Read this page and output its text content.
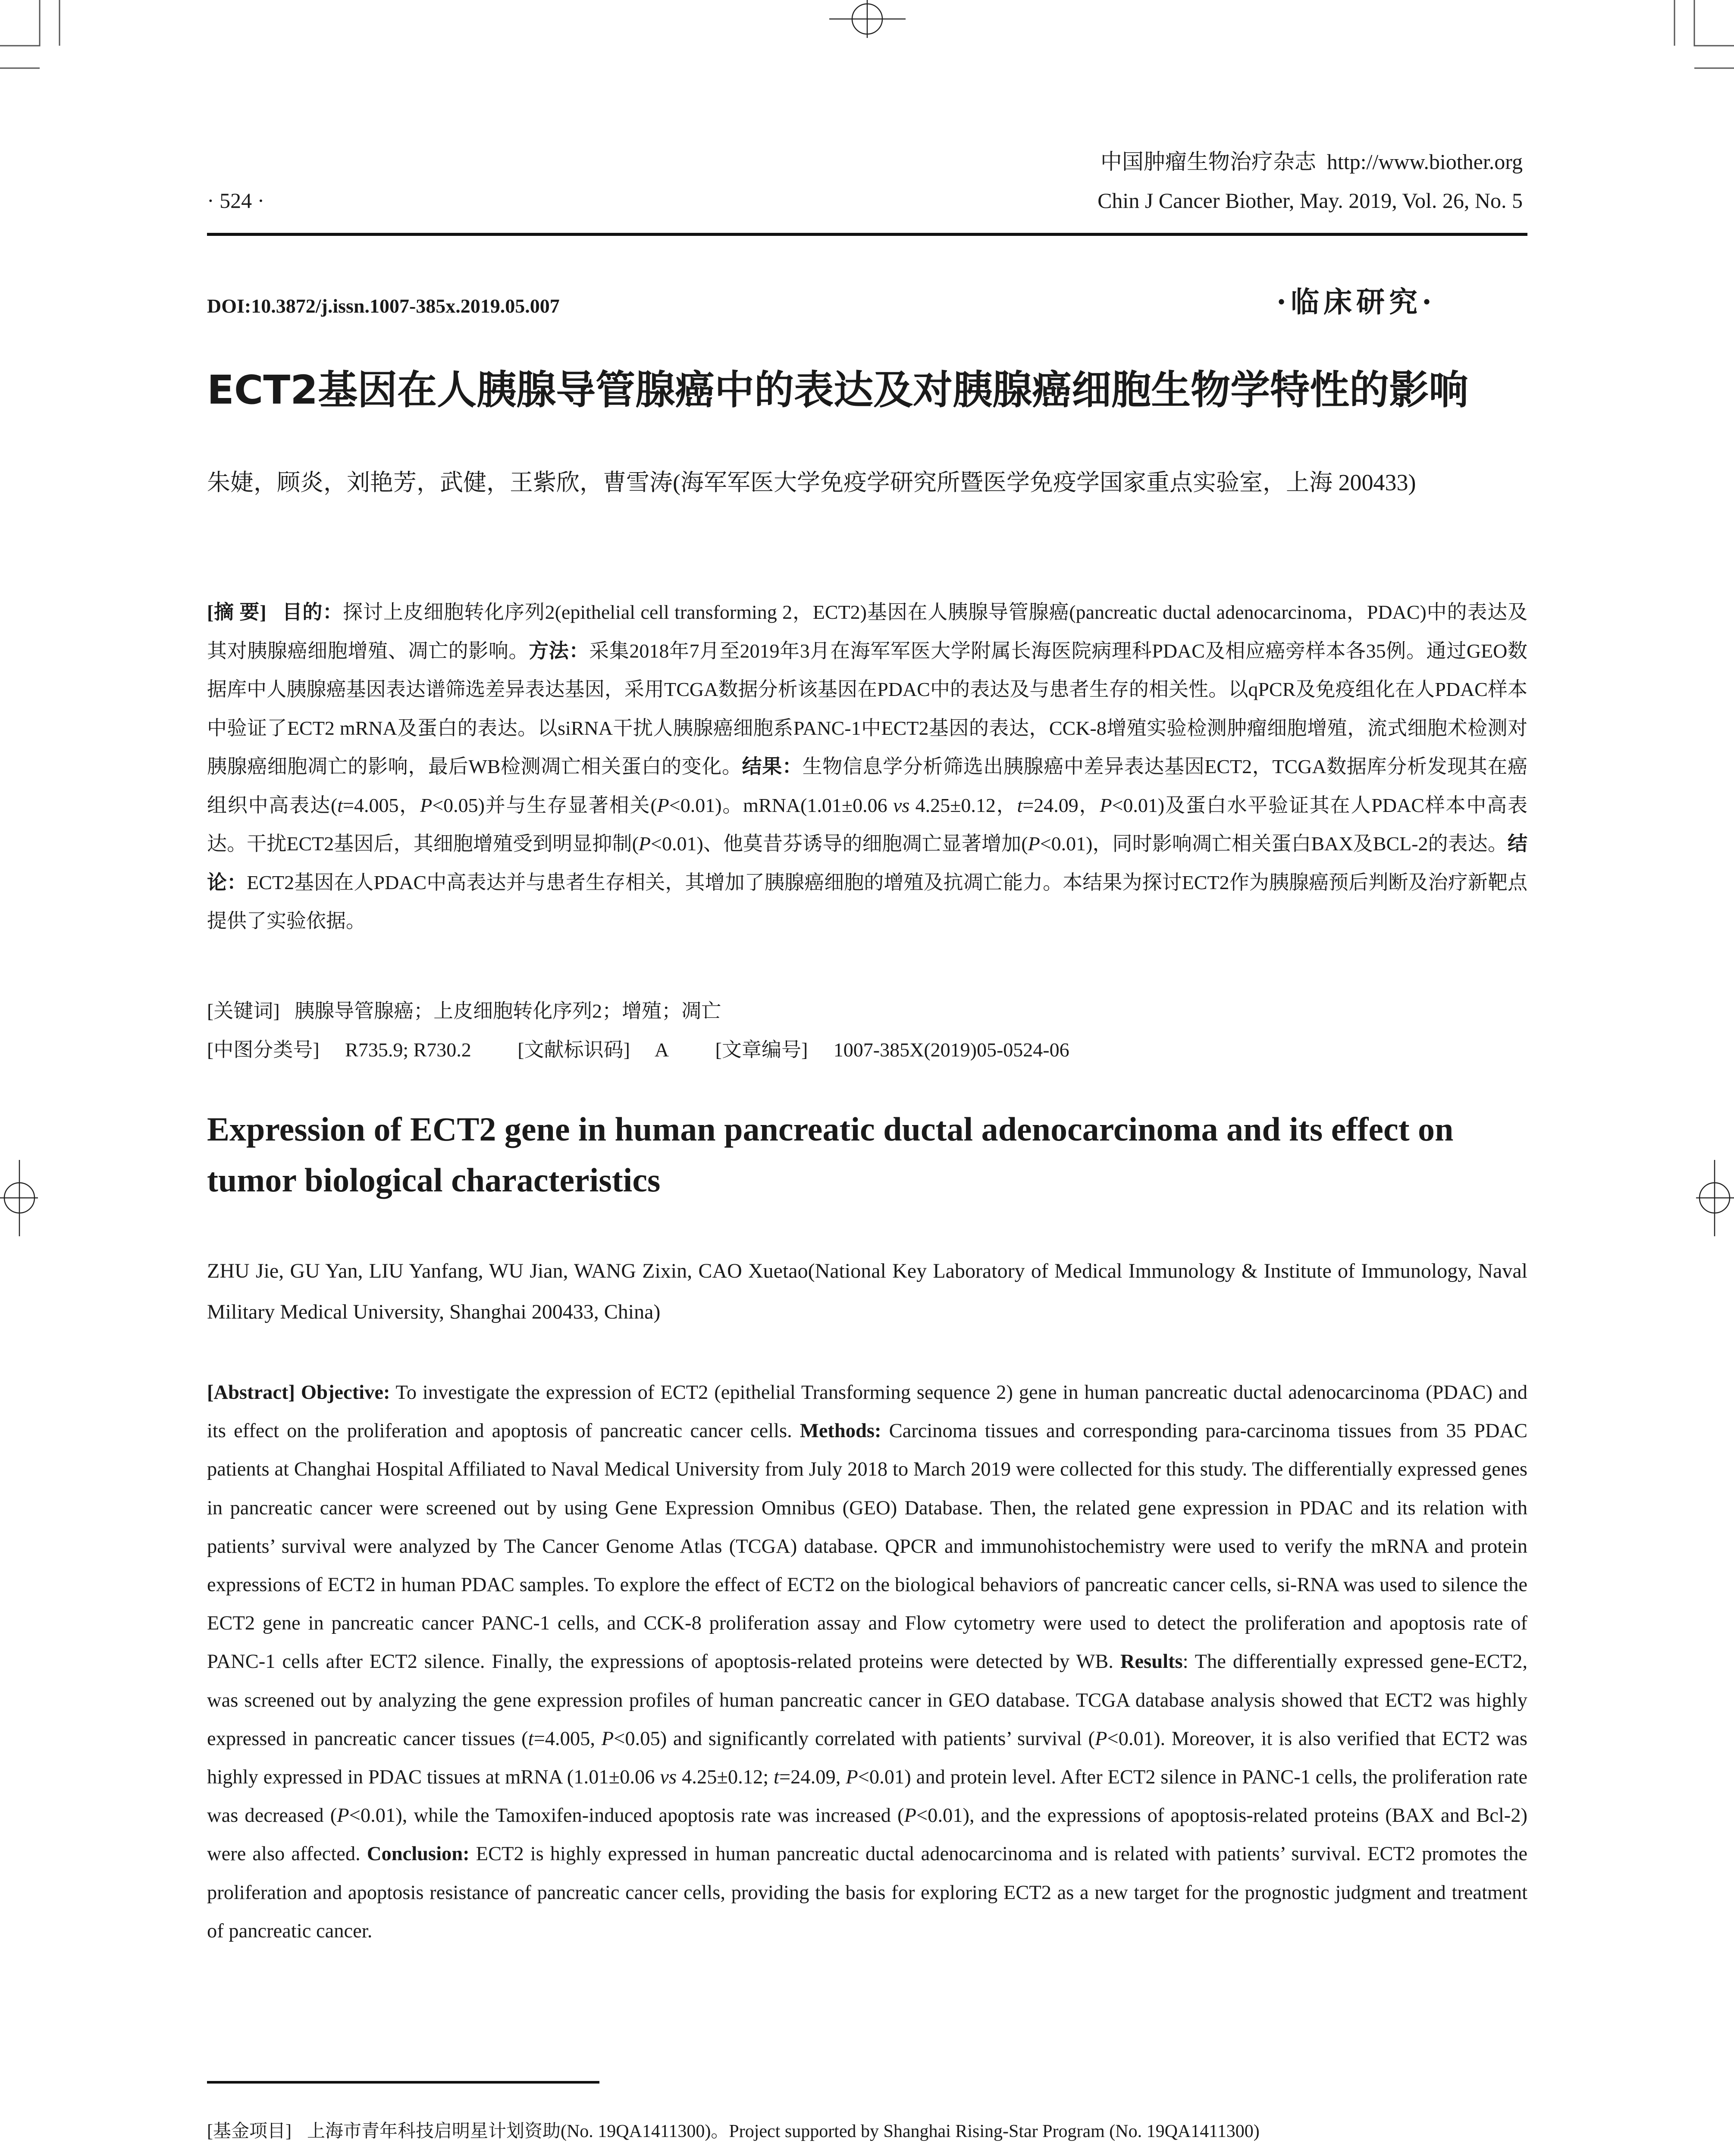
中国肿瘤生物治疗杂志 http://www.biother.org
· 524 ·	Chin J Cancer Biother, May. 2019, Vol. 26, No. 5
DOI:10.3872/j.issn.1007-385x.2019.05.007	·临床研究·
ECT2基因在人胰腺导管腺癌中的表达及对胰腺癌细胞生物学特性的影响
朱婕，顾炎，刘艳芳，武健，王紫欣，曹雪涛(海军军医大学免疫学研究所暨医学免疫学国家重点实验室，上海 200433)
[摘 要] 目的：探讨上皮细胞转化序列2(epithelial cell transforming 2，ECT2)基因在人胰腺导管腺癌(pancreatic ductal adenocarcinoma，PDAC)中的表达及其对胰腺癌细胞增殖、凋亡的影响。方法：采集2018年7月至2019年3月在海军军医大学附属长海医院病理科PDAC及相应癌旁样本各35例。通过GEO数据库中人胰腺癌基因表达谱筛选差异表达基因，采用TCGA数据分析该基因在PDAC中的表达及与患者生存的相关性。以qPCR及免疫组化在人PDAC样本中验证了ECT2 mRNA及蛋白的表达。以siRNA干扰人胰腺癌细胞系PANC-1中ECT2基因的表达，CCK-8增殖实验检测肿瘤细胞增殖，流式细胞术检测对胰腺癌细胞凋亡的影响，最后WB检测凋亡相关蛋白的变化。结果：生物信息学分析筛选出胰腺癌中差异表达基因ECT2，TCGA数据库分析发现其在癌组织中高表达(t=4.005，P<0.05)并与生存显著相关(P<0.01)。mRNA(1.01±0.06 vs 4.25±0.12，t=24.09，P<0.01)及蛋白水平验证其在人PDAC样本中高表达。干扰ECT2基因后，其细胞增殖受到明显抑制(P<0.01)、他莫昔芬诱导的细胞凋亡显著增加(P<0.01)，同时影响凋亡相关蛋白BAX及BCL-2的表达。结论：ECT2基因在人PDAC中高表达并与患者生存相关，其增加了胰腺癌细胞的增殖及抗凋亡能力。本结果为探讨ECT2作为胰腺癌预后判断及治疗新靶点提供了实验依据。
[关键词] 胰腺导管腺癌；上皮细胞转化序列2；增殖；凋亡
[中图分类号] R735.9; R730.2 [文献标识码] A [文章编号] 1007-385X(2019)05-0524-06
Expression of ECT2 gene in human pancreatic ductal adenocarcinoma and its effect on tumor biological characteristics
ZHU Jie, GU Yan, LIU Yanfang, WU Jian, WANG Zixin, CAO Xuetao(National Key Laboratory of Medical Immunology & Institute of Immunology, Naval Military Medical University, Shanghai 200433, China)
[Abstract] Objective: To investigate the expression of ECT2 (epithelial Transforming sequence 2) gene in human pancreatic ductal adenocarcinoma (PDAC) and its effect on the proliferation and apoptosis of pancreatic cancer cells. Methods: Carcinoma tissues and corresponding para-carcinoma tissues from 35 PDAC patients at Changhai Hospital Affiliated to Naval Medical University from July 2018 to March 2019 were collected for this study. The differentially expressed genes in pancreatic cancer were screened out by using Gene Expression Omnibus (GEO) Database. Then, the related gene expression in PDAC and its relation with patients’ survival were analyzed by The Cancer Genome Atlas (TCGA) database. QPCR and immunohistochemistry were used to verify the mRNA and protein expressions of ECT2 in human PDAC samples. To explore the effect of ECT2 on the biological behaviors of pancreatic cancer cells, si-RNA was used to silence the ECT2 gene in pancreatic cancer PANC-1 cells, and CCK-8 proliferation assay and Flow cytometry were used to detect the proliferation and apoptosis rate of PANC-1 cells after ECT2 silence. Finally, the expressions of apoptosis-related proteins were detected by WB. Results: The differentially expressed gene-ECT2, was screened out by analyzing the gene expression profiles of human pancreatic cancer in GEO database. TCGA database analysis showed that ECT2 was highly expressed in pancreatic cancer tissues (t=4.005, P<0.05) and significantly correlated with patients’ survival (P<0.01). Moreover, it is also verified that ECT2 was highly expressed in PDAC tissues at mRNA (1.01±0.06 vs 4.25±0.12; t=24.09, P<0.01) and protein level. After ECT2 silence in PANC-1 cells, the proliferation rate was decreased (P<0.01), while the Tamoxifen-induced apoptosis rate was increased (P<0.01), and the expressions of apoptosis-related proteins (BAX and Bcl-2) were also affected. Conclusion: ECT2 is highly expressed in human pancreatic ductal adenocarcinoma and is related with patients’ survival. ECT2 promotes the proliferation and apoptosis resistance of pancreatic cancer cells, providing the basis for exploring ECT2 as a new target for the prognostic judgment and treatment of pancreatic cancer.
[基金项目] 上海市青年科技启明星计划资助(No. 19QA1411300)。Project supported by Shanghai Rising-Star Program (No. 19QA1411300)
